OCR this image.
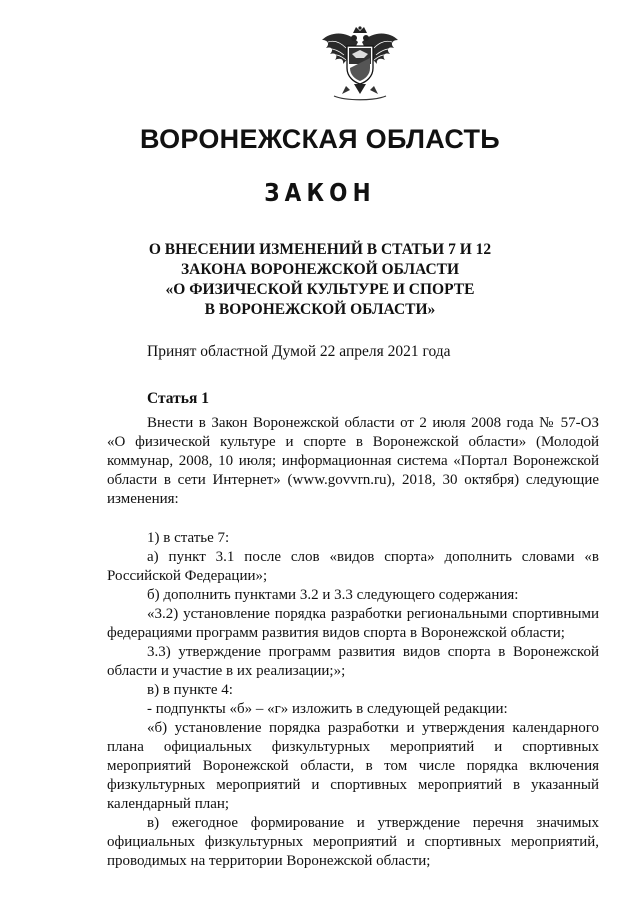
ВОРОНЕЖСКАЯ ОБЛАСТЬ
ЗАКОН
О ВНЕСЕНИИ ИЗМЕНЕНИЙ В СТАТЬИ 7 И 12
ЗАКОНА ВОРОНЕЖСКОЙ ОБЛАСТИ
«О ФИЗИЧЕСКОЙ КУЛЬТУРЕ И СПОРТЕ
В ВОРОНЕЖСКОЙ ОБЛАСТИ»
Принят областной Думой 22 апреля 2021 года
Статья 1
Внести в Закон Воронежской области от 2 июля 2008 года № 57-ОЗ «О физической культуре и спорте в Воронежской области» (Молодой коммунар, 2008, 10 июля; информационная система «Портал Воронежской области в сети Интернет» (www.govvrn.ru), 2018, 30 октября) следующие изменения:
1) в статье 7:
а) пункт 3.1 после слов «видов спорта» дополнить словами «в Российской Федерации»;
б) дополнить пунктами 3.2 и 3.3 следующего содержания:
«3.2) установление порядка разработки региональными спортивными федерациями программ развития видов спорта в Воронежской области;
3.3) утверждение программ развития видов спорта в Воронежской области и участие в их реализации;»;
в) в пункте 4:
- подпункты «б» – «г» изложить в следующей редакции:
«б) установление порядка разработки и утверждения календарного плана официальных физкультурных мероприятий и спортивных мероприятий Воронежской области, в том числе порядка включения физкультурных мероприятий и спортивных мероприятий в указанный календарный план;
в) ежегодное формирование и утверждение перечня значимых официальных физкультурных мероприятий и спортивных мероприятий, проводимых на территории Воронежской области;
